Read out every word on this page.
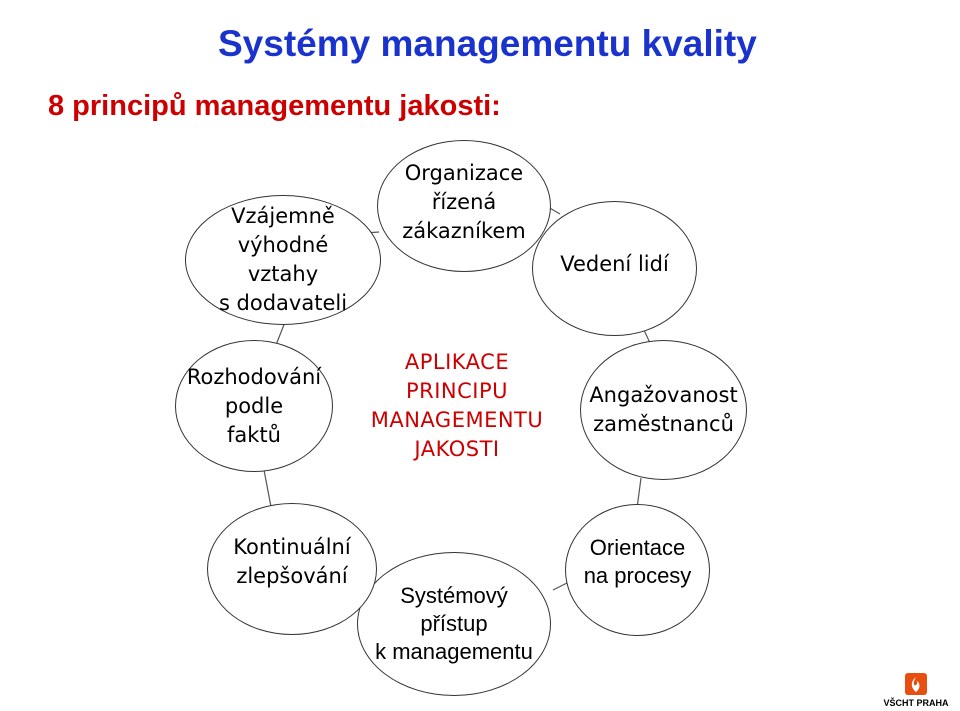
Systémy managementu kvality
8 principů managementu jakosti:
Organizace
řízená
zákazníkem
Vedení lidí
Angažovanost
zaměstnanců
Orientace
na procesy
Systémový
přístup
k managementu
Kontinuální
zlepšování
Rozhodování
podle
faktů
Vzájemně
výhodné
vztahy
s dodavateli
APLIKACE
PRINCIPU
MANAGEMENTU
JAKOSTI
VŠCHT PRAHA
